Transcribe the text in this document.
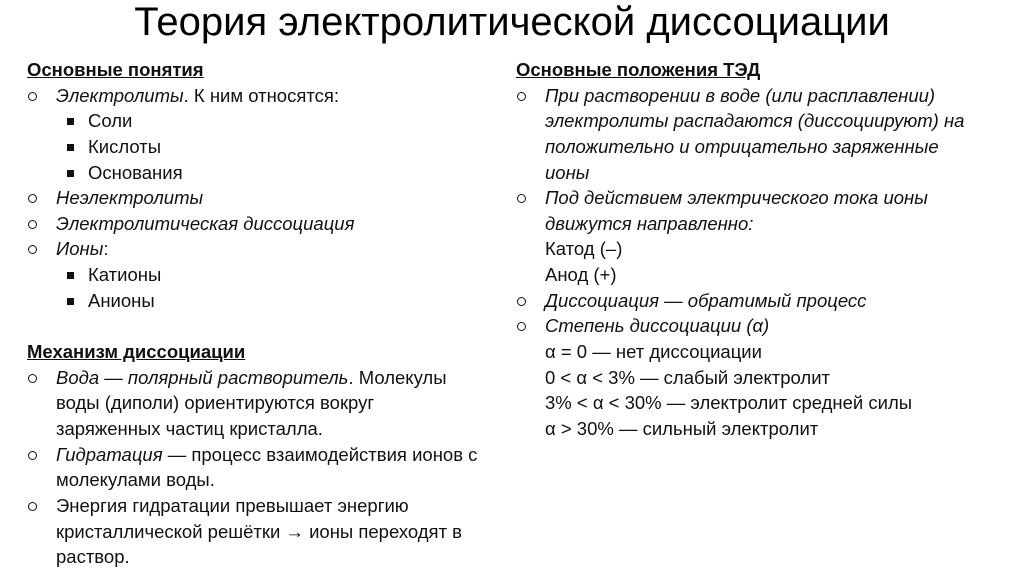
Теория электролитической диссоциации
Основные понятия
Электролиты. К ним относятся:
Соли
Кислоты
Основания
Неэлектролиты
Электролитическая диссоциация
Ионы:
Катионы
Анионы
Механизм диссоциации
Вода — полярный растворитель. Молекулы
воды (диполи) ориентируются вокруг
заряженных частиц кристалла.
Гидратация — процесс взаимодействия ионов с
молекулами воды.
Энергия гидратации превышает энергию
кристаллической решётки → ионы переходят в
раствор.
Основные положения ТЭД
При растворении в воде (или расплавлении)
электролиты распадаются (диссоциируют) на
положительно и отрицательно заряженные
ионы
Под действием электрического тока ионы
движутся направленно:
Катод (–)
Анод (+)
Диссоциация — обратимый процесс
Степень диссоциации (α)
α = 0 — нет диссоциации
0 < α < 3% — слабый электролит
3% < α < 30% — электролит средней силы
α > 30% — сильный электролит
